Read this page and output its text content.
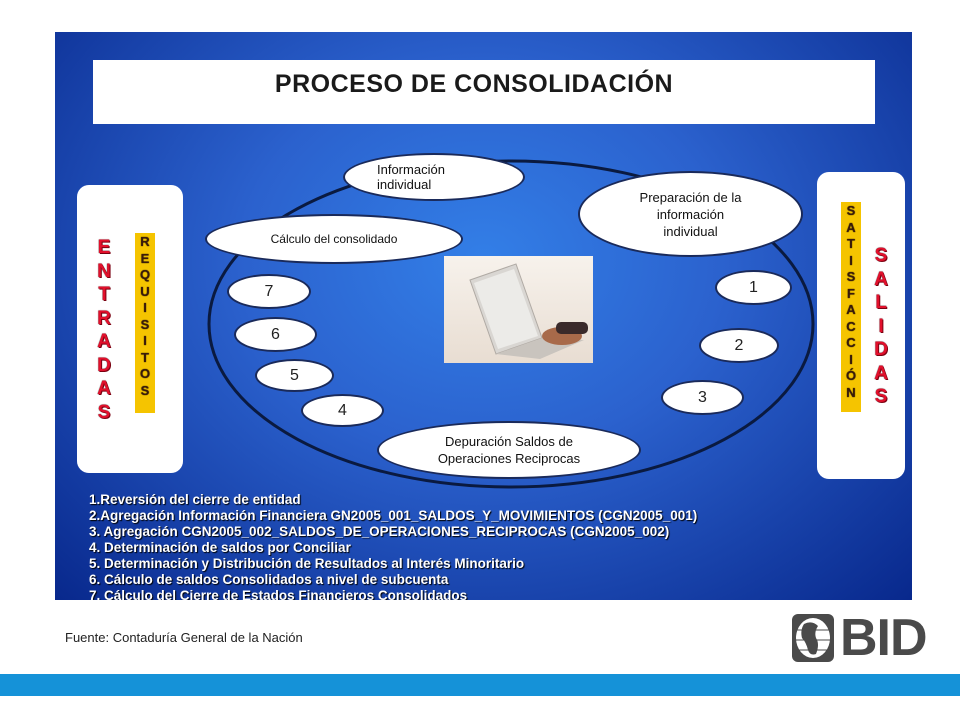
PROCESO DE CONSOLIDACIÓN
E
N
T
R
A
D
A
S
R
E
Q
U
I
S
I
T
O
S
S
A
T
I
S
F
A
C
C
I
Ó
N
S
A
L
I
D
A
S
Información
individual
Preparación de la
información
individual
Cálculo del consolidado
Depuración Saldos de
Operaciones Reciprocas
1
2
3
4
5
6
7
1.Reversión del cierre de entidad
2.Agregación Información Financiera GN2005_001_SALDOS_Y_MOVIMIENTOS (CGN2005_001)
3. Agregación CGN2005_002_SALDOS_DE_OPERACIONES_RECIPROCAS (CGN2005_002)
4. Determinación de saldos por Conciliar
5. Determinación y Distribución de Resultados al Interés Minoritario
6. Cálculo de saldos Consolidados a nivel de subcuenta
7. Cálculo del Cierre de Estados Financieros Consolidados
Fuente: Contaduría General de la Nación	BID
